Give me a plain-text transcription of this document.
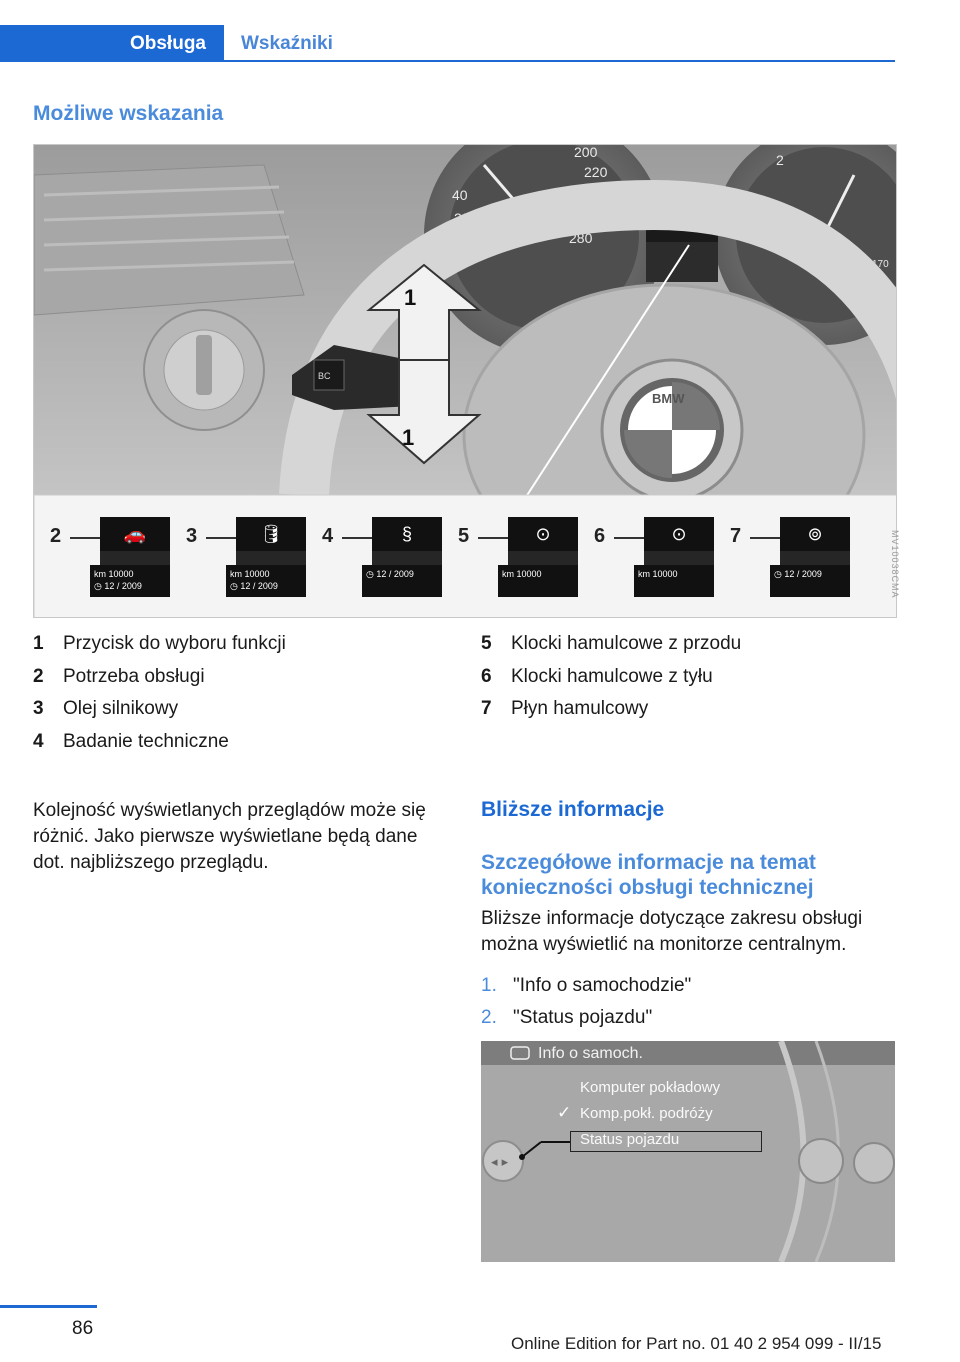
Obsługa	Wskaźniki
Możliwe wskazania
200
220
240
260
280
40
20
0
2
0
70
120
170
BMW
BC
1
1
2	🚗
km 10000
◷ 12 / 2009
3	🛢
km 10000
◷ 12 / 2009
4	§
◷ 12 / 2009
5	⊙
km 10000
6	⊙
km 10000
7	⊚
◷ 12 / 2009	MV10038CMA
1	Przycisk do wyboru funkcji
2	Potrzeba obsługi
3	Olej silnikowy
4	Badanie techniczne
5	Klocki hamulcowe z przodu
6	Klocki hamulcowe z tyłu
7	Płyn hamulcowy
Kolejność wyświetlanych przeglądów może się
różnić. Jako pierwsze wyświetlane będą dane
dot. najbliższego przeglądu.
Bliższe informacje
Szczegółowe informacje na temat
konieczności obsługi technicznej
Bliższe informacje dotyczące zakresu obsługi
można wyświetlić na monitorze centralnym.
1. "Info o samochodzie"
2. "Status pojazdu"
◂ ▸
Info o samoch.
Komputer pokładowy
✓ Komp.pokł. podróży
Status pojazdu
86
Online Edition for Part no. 01 40 2 954 099 - II/15
